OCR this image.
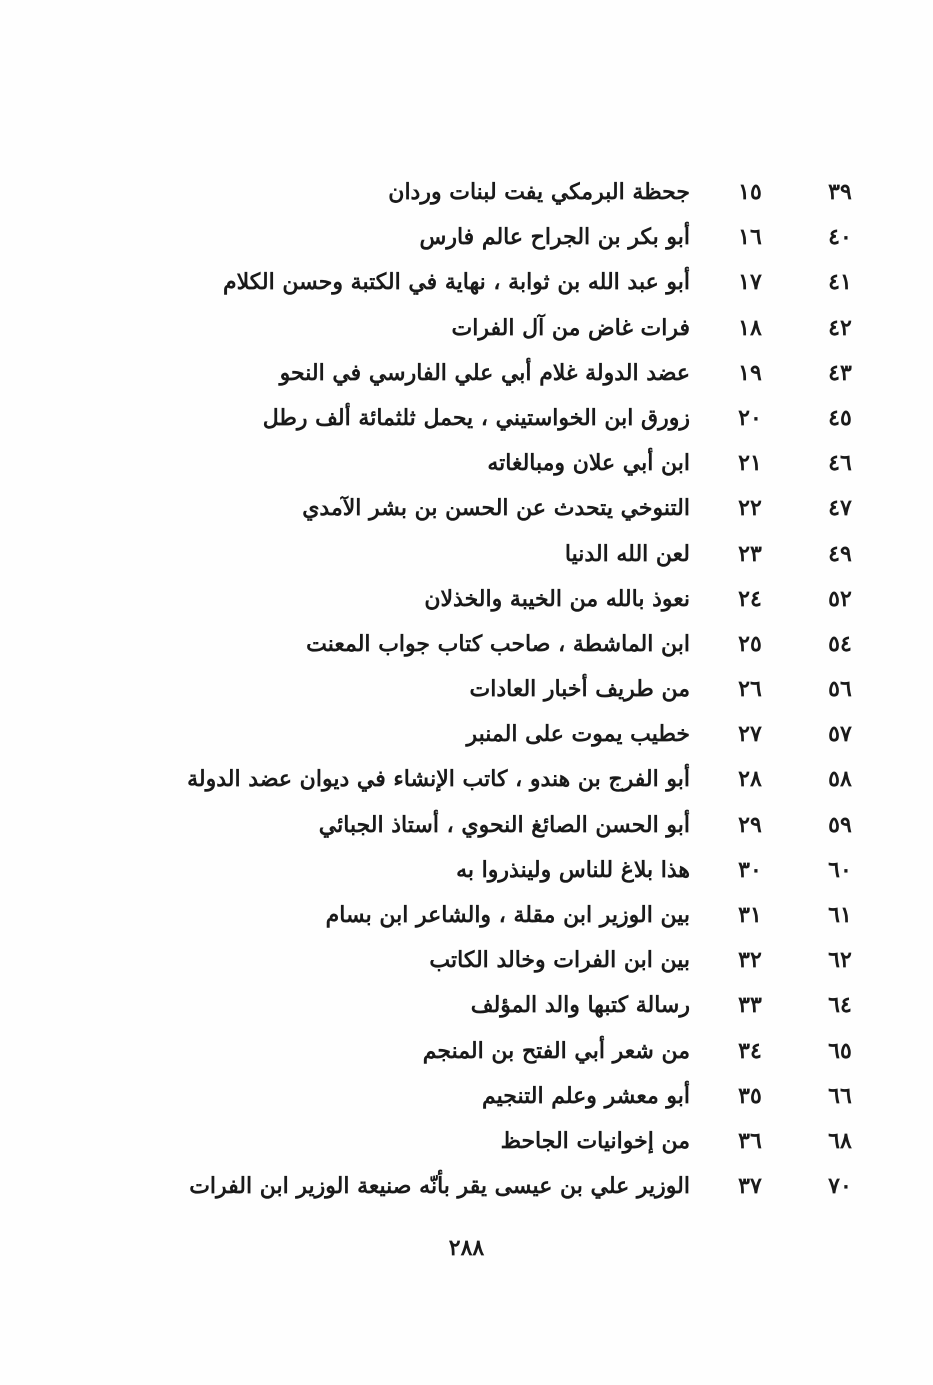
٣٩
١٥
جحظة البرمكي يفت لبنات وردان
٤٠
١٦
أبو بكر بن الجراح عالم فارس
٤١
١٧
أبو عبد الله بن ثوابة ، نهاية في الكتبة وحسن الكلام
٤٢
١٨
فرات غاض من آل الفرات
٤٣
١٩
عضد الدولة غلام أبي علي الفارسي في النحو
٤٥
٢٠
زورق ابن الخواستيني ، يحمل ثلثمائة ألف رطل
٤٦
٢١
ابن أبي علان ومبالغاته
٤٧
٢٢
التنوخي يتحدث عن الحسن بن بشر الآمدي
٤٩
٢٣
لعن الله الدنيا
٥٢
٢٤
نعوذ بالله من الخيبة والخذلان
٥٤
٢٥
ابن الماشطة ، صاحب كتاب جواب المعنت
٥٦
٢٦
من طريف أخبار العادات
٥٧
٢٧
خطيب يموت على المنبر
٥٨
٢٨
أبو الفرج بن هندو ، كاتب الإنشاء في ديوان عضد الدولة
٥٩
٢٩
أبو الحسن الصائغ النحوي ، أستاذ الجبائي
٦٠
٣٠
هذا بلاغ للناس ولينذروا به
٦١
٣١
بين الوزير ابن مقلة ، والشاعر ابن بسام
٦٢
٣٢
بين ابن الفرات وخالد الكاتب
٦٤
٣٣
رسالة كتبها والد المؤلف
٦٥
٣٤
من شعر أبي الفتح بن المنجم
٦٦
٣٥
أبو معشر وعلم التنجيم
٦٨
٣٦
من إخوانيات الجاحظ
٧٠
٣٧
الوزير علي بن عيسى يقر بأنّه صنيعة الوزير ابن الفرات
٢٨٨
